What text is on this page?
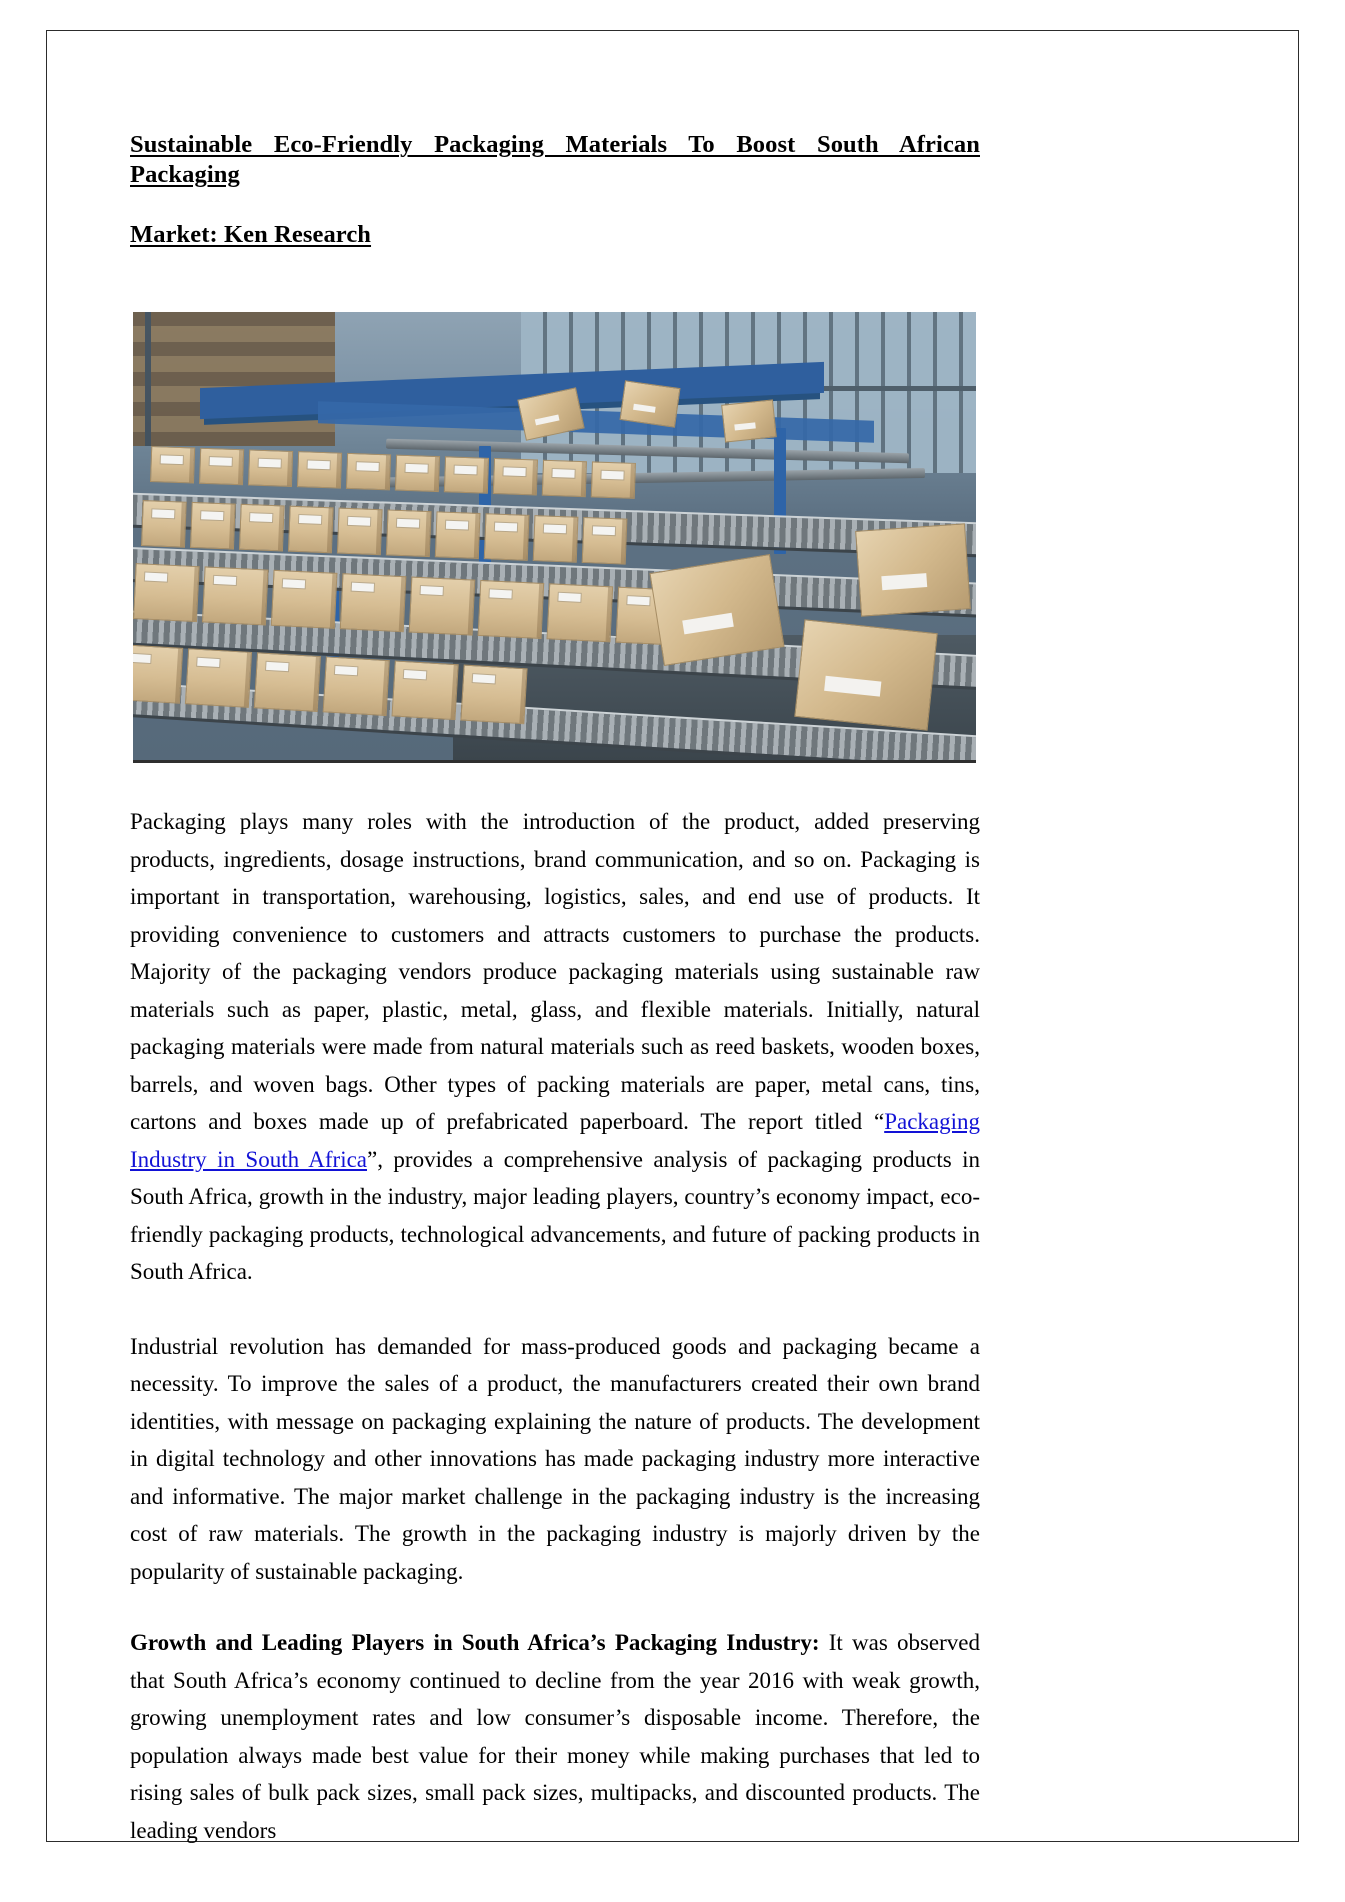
Sustainable Eco-Friendly Packaging Materials To Boost South African Packaging
Market: Ken Research

Packaging plays many roles with the introduction of the product, added preserving products, ingredients, dosage instructions, brand communication, and so on. Packaging is important in transportation, warehousing, logistics, sales, and end use of products. It providing convenience to customers and attracts customers to purchase the products. Majority of the packaging vendors produce packaging materials using sustainable raw materials such as paper, plastic, metal, glass, and flexible materials. Initially, natural packaging materials were made from natural materials such as reed baskets, wooden boxes, barrels, and woven bags. Other types of packing materials are paper, metal cans, tins, cartons and boxes made up of prefabricated paperboard. The report titled “Packaging Industry in South Africa”, provides a comprehensive analysis of packaging products in South Africa, growth in the industry, major leading players, country’s economy impact, eco-friendly packaging products, technological advancements, and future of packing products in South Africa.

Industrial revolution has demanded for mass-produced goods and packaging became a necessity. To improve the sales of a product, the manufacturers created their own brand identities, with message on packaging explaining the nature of products. The development in digital technology and other innovations has made packaging industry more interactive and informative. The major market challenge in the packaging industry is the increasing cost of raw materials. The growth in the packaging industry is majorly driven by the popularity of sustainable packaging.

Growth and Leading Players in South Africa’s Packaging Industry: It was observed that South Africa’s economy continued to decline from the year 2016 with weak growth, growing unemployment rates and low consumer’s disposable income. Therefore, the population always made best value for their money while making purchases that led to rising sales of bulk pack sizes, small pack sizes, multipacks, and discounted products. The leading vendors
